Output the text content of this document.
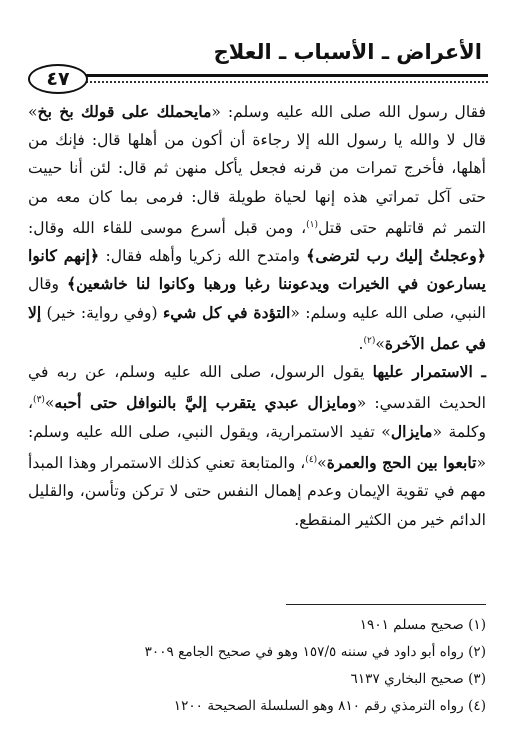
الأعراض ـ الأسباب ـ العلاج
٤٧

فقال رسول الله صلى الله عليه وسلم: «مايحملك على قولك بخ بخ» قال لا والله يا رسول الله إلا رجاءة أن أكون من أهلها قال: فإنك من أهلها، فأخرج تمرات من قرنه فجعل يأكل منهن ثم قال: لئن أنا حييت حتى آكل تمراتي هذه إنها لحياة طويلة قال: فرمى بما كان معه من التمر ثم قاتلهم حتى قتل$^{(١)}$، ومن قبل أسرع موسى للقاء الله وقال: ﴿وعجلتُ إليك رب لترضى﴾ وامتدح الله زكريا وأهله فقال: ﴿إنهم كانوا يسارعون في الخيرات ويدعوننا رغبا ورهبا وكانوا لنا خاشعين﴾ وقال النبي، صلى الله عليه وسلم: «التؤدة في كل شيء (وفي رواية: خير) إلا في عمل الآخرة»$^{(٢)}$.

ـ الاستمرار عليها يقول الرسول، صلى الله عليه وسلم، عن ربه في الحديث القدسي: «ومايزال عبدي يتقرب إليَّ بالنوافل حتى أحبه»$^{(٣)}$، وكلمة «مايزال» تفيد الاستمرارية، ويقول النبي، صلى الله عليه وسلم: «تابعوا بين الحج والعمرة»$^{(٤)}$، والمتابعة تعني كذلك الاستمرار وهذا المبدأ مهم في تقوية الإيمان وعدم إهمال النفس حتى لا تركن وتأسن، والقليل الدائم خير من الكثير المنقطع.

(١) صحيح مسلم ١٩٠١
(٢) رواه أبو داود في سننه ١٥٧/٥ وهو في صحيح الجامع ٣٠٠٩
(٣) صحيح البخاري ٦١٣٧
(٤) رواه الترمذي رقم ٨١٠ وهو السلسلة الصحيحة ١٢٠٠
